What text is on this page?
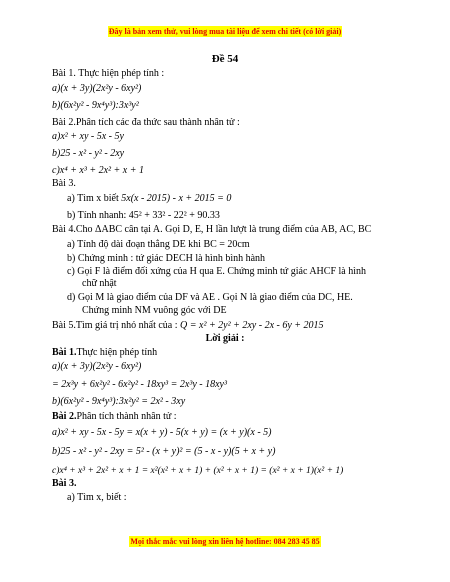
Đây là bản xem thử, vui lòng mua tài liệu để xem chi tiết (có lời giải)
Đề 54
Bài 1. Thực hiện phép tính :
a)(x + 3y)(2x²y - 6xy²)
b)(6x²y² - 9x⁴y³):3x³y²
Bài 2.Phân tích các đa thức sau thành nhân tử :
a)x² + xy - 5x - 5y
b)25 - x² - y² - 2xy
c)x⁴ + x³ + 2x² + x + 1
Bài 3.
a) Tìm x biết 5x(x - 2015) - x + 2015 = 0
b) Tính nhanh: 45² + 33² - 22² + 90.33
Bài 4.Cho ΔABC cân tại A. Gọi D, E, H lần lượt là trung điểm của AB, AC, BC
a) Tính độ dài đoạn thẳng DE khi BC = 20cm
b) Chứng minh : tứ giác DECH là hình bình hành
c) Gọi F là điểm đối xứng của H qua E. Chứng minh tứ giác AHCF là hình
chữ nhật
d) Gọi M là giao điểm của DF và AE . Gọi N là giao điểm của DC, HE.
Chứng minh NM vuông góc với DE
Bài 5.Tìm giá trị nhỏ nhất của : Q = x² + 2y² + 2xy - 2x - 6y + 2015
Lời giải :
Bài 1.Thực hiện phép tính
a)(x + 3y)(2x²y - 6xy²)
= 2x³y + 6x²y² - 6x²y² - 18xy³ = 2x³y - 18xy³
b)(6x²y² - 9x⁴y³):3x²y² = 2x² - 3xy
Bài 2.Phân tích thành nhân tử :
a)x² + xy - 5x - 5y = x(x + y) - 5(x + y) = (x + y)(x - 5)
b)25 - x² - y² - 2xy = 5² - (x + y)² = (5 - x - y)(5 + x + y)
c)x⁴ + x³ + 2x² + x + 1 = x²(x² + x + 1) + (x² + x + 1) = (x² + x + 1)(x² + 1)
Bài 3.
a) Tìm x, biết :
Mọi thắc mắc vui lòng xin liên hệ hotline: 084 283 45 85
